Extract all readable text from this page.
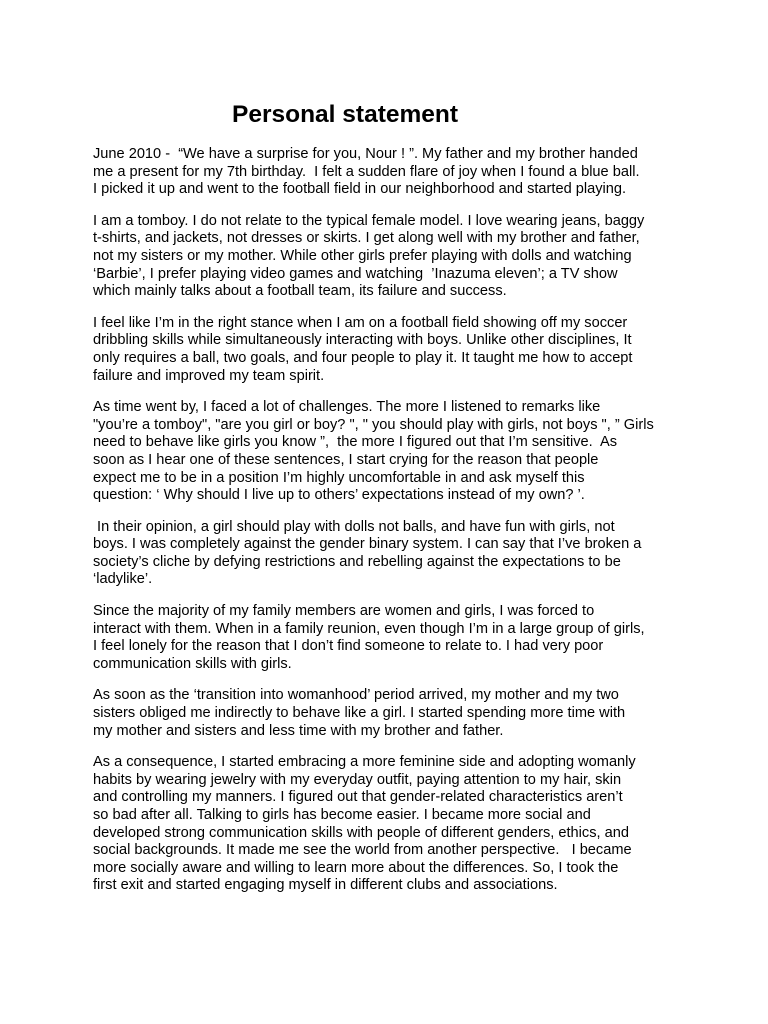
Personal statement

June 2010 -  “We have a surprise for you, Nour ! ”. My father and my brother handed
me a present for my 7th birthday.  I felt a sudden flare of joy when I found a blue ball.
I picked it up and went to the football field in our neighborhood and started playing.

I am a tomboy. I do not relate to the typical female model. I love wearing jeans, baggy
t-shirts, and jackets, not dresses or skirts. I get along well with my brother and father,
not my sisters or my mother. While other girls prefer playing with dolls and watching
‘Barbie’, I prefer playing video games and watching  ’Inazuma eleven’; a TV show
which mainly talks about a football team, its failure and success.

I feel like I’m in the right stance when I am on a football field showing off my soccer
dribbling skills while simultaneously interacting with boys. Unlike other disciplines, It
only requires a ball, two goals, and four people to play it. It taught me how to accept
failure and improved my team spirit.

As time went by, I faced a lot of challenges. The more I listened to remarks like
"you’re a tomboy", "are you girl or boy? ", " you should play with girls, not boys ", ” Girls
need to behave like girls you know ”,  the more I figured out that I’m sensitive.  As
soon as I hear one of these sentences, I start crying for the reason that people
expect me to be in a position I’m highly uncomfortable in and ask myself this
question: ‘ Why should I live up to others’ expectations instead of my own? ’.

In their opinion, a girl should play with dolls not balls, and have fun with girls, not
boys. I was completely against the gender binary system. I can say that I’ve broken a
society’s cliche by defying restrictions and rebelling against the expectations to be
‘ladylike’.

Since the majority of my family members are women and girls, I was forced to
interact with them. When in a family reunion, even though I’m in a large group of girls,
I feel lonely for the reason that I don’t find someone to relate to. I had very poor
communication skills with girls.

As soon as the ‘transition into womanhood’ period arrived, my mother and my two
sisters obliged me indirectly to behave like a girl. I started spending more time with
my mother and sisters and less time with my brother and father.

As a consequence, I started embracing a more feminine side and adopting womanly
habits by wearing jewelry with my everyday outfit, paying attention to my hair, skin
and controlling my manners. I figured out that gender-related characteristics aren’t
so bad after all. Talking to girls has become easier. I became more social and
developed strong communication skills with people of different genders, ethics, and
social backgrounds. It made me see the world from another perspective.   I became
more socially aware and willing to learn more about the differences. So, I took the
first exit and started engaging myself in different clubs and associations.
